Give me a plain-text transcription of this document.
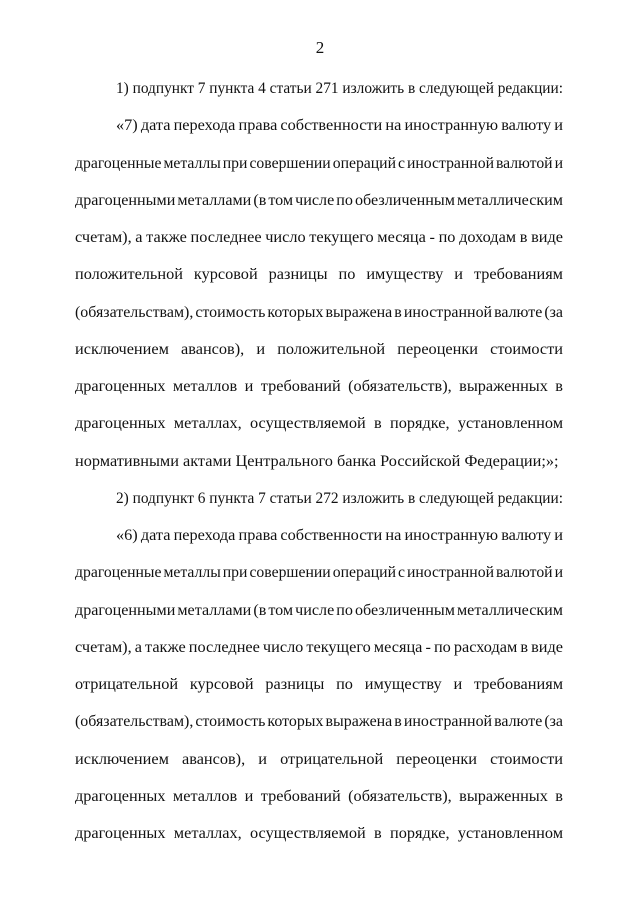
2
1) подпункт 7 пункта 4 статьи 271 изложить в следующей редакции:
«7) дата перехода права собственности на иностранную валюту и
драгоценные металлы при совершении операций с иностранной валютой и
драгоценными металлами (в том числе по обезличенным металлическим
счетам), а также последнее число текущего месяца - по доходам в виде
положительной курсовой разницы по имуществу и требованиям
(обязательствам), стоимость которых выражена в иностранной валюте (за
исключением авансов), и положительной переоценки стоимости
драгоценных металлов и требований (обязательств), выраженных в
драгоценных металлах, осуществляемой в порядке, установленном
нормативными актами Центрального банка Российской Федерации;»;
2) подпункт 6 пункта 7 статьи 272 изложить в следующей редакции:
«6) дата перехода права собственности на иностранную валюту и
драгоценные металлы при совершении операций с иностранной валютой и
драгоценными металлами (в том числе по обезличенным металлическим
счетам), а также последнее число текущего месяца - по расходам в виде
отрицательной курсовой разницы по имуществу и требованиям
(обязательствам), стоимость которых выражена в иностранной валюте (за
исключением авансов), и отрицательной переоценки стоимости
драгоценных металлов и требований (обязательств), выраженных в
драгоценных металлах, осуществляемой в порядке, установленном
